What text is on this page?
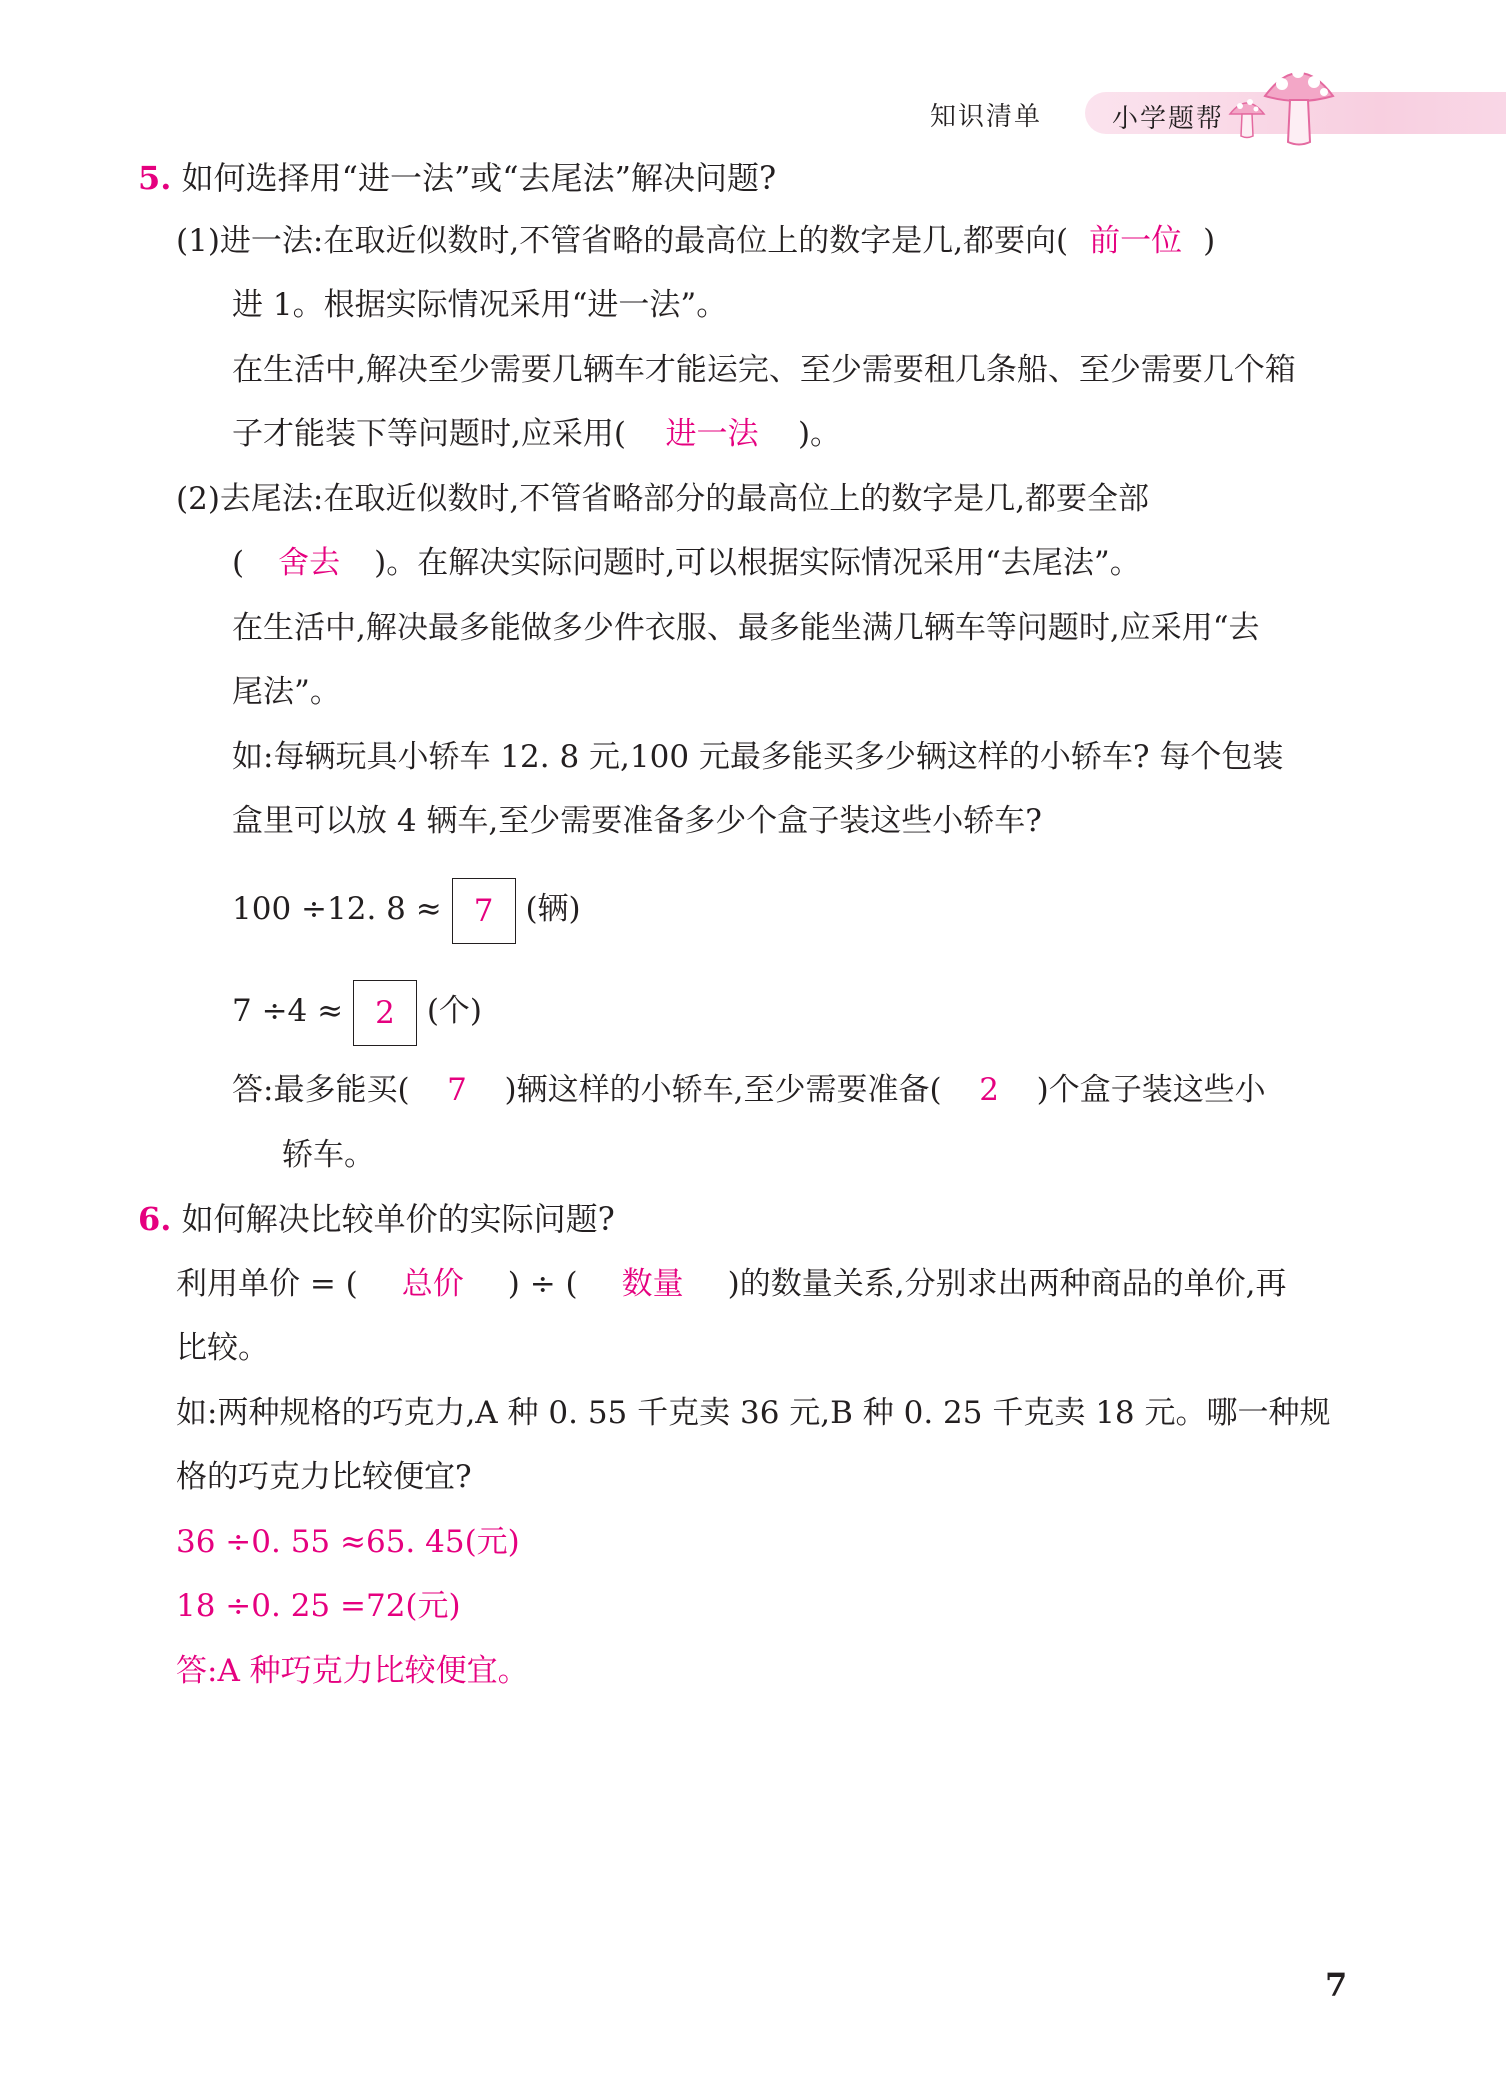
知识清单	小学题帮
5. 如何选择用“进一法”或“去尾法”解决问题?
(1)进一法:在取近似数时,不管省略的最高位上的数字是几,都要向( 前一位 )
进 1。根据实际情况采用“进一法”。
在生活中,解决至少需要几辆车才能运完、至少需要租几条船、至少需要几个箱
子才能装下等问题时,应采用( 进一法 )。
(2)去尾法:在取近似数时,不管省略部分的最高位上的数字是几,都要全部
( 舍去 )。在解决实际问题时,可以根据实际情况采用“去尾法”。
在生活中,解决最多能做多少件衣服、最多能坐满几辆车等问题时,应采用“去
尾法”。
如:每辆玩具小轿车 12. 8 元,100 元最多能买多少辆这样的小轿车? 每个包装
盒里可以放 4 辆车,至少需要准备多少个盒子装这些小轿车?
100 ÷12. 8 ≈ 7 (辆)
7 ÷4 ≈ 2 (个)
答:最多能买( 7 )辆这样的小轿车,至少需要准备( 2 )个盒子装这些小
轿车。
6. 如何解决比较单价的实际问题?
利用单价 = ( 总价 ) ÷ ( 数量 )的数量关系,分别求出两种商品的单价,再
比较。
如:两种规格的巧克力,A 种 0. 55 千克卖 36 元,B 种 0. 25 千克卖 18 元。哪一种规
格的巧克力比较便宜?
36 ÷0. 55 ≈65. 45(元)
18 ÷0. 25 =72(元)
答:A 种巧克力比较便宜。
7
